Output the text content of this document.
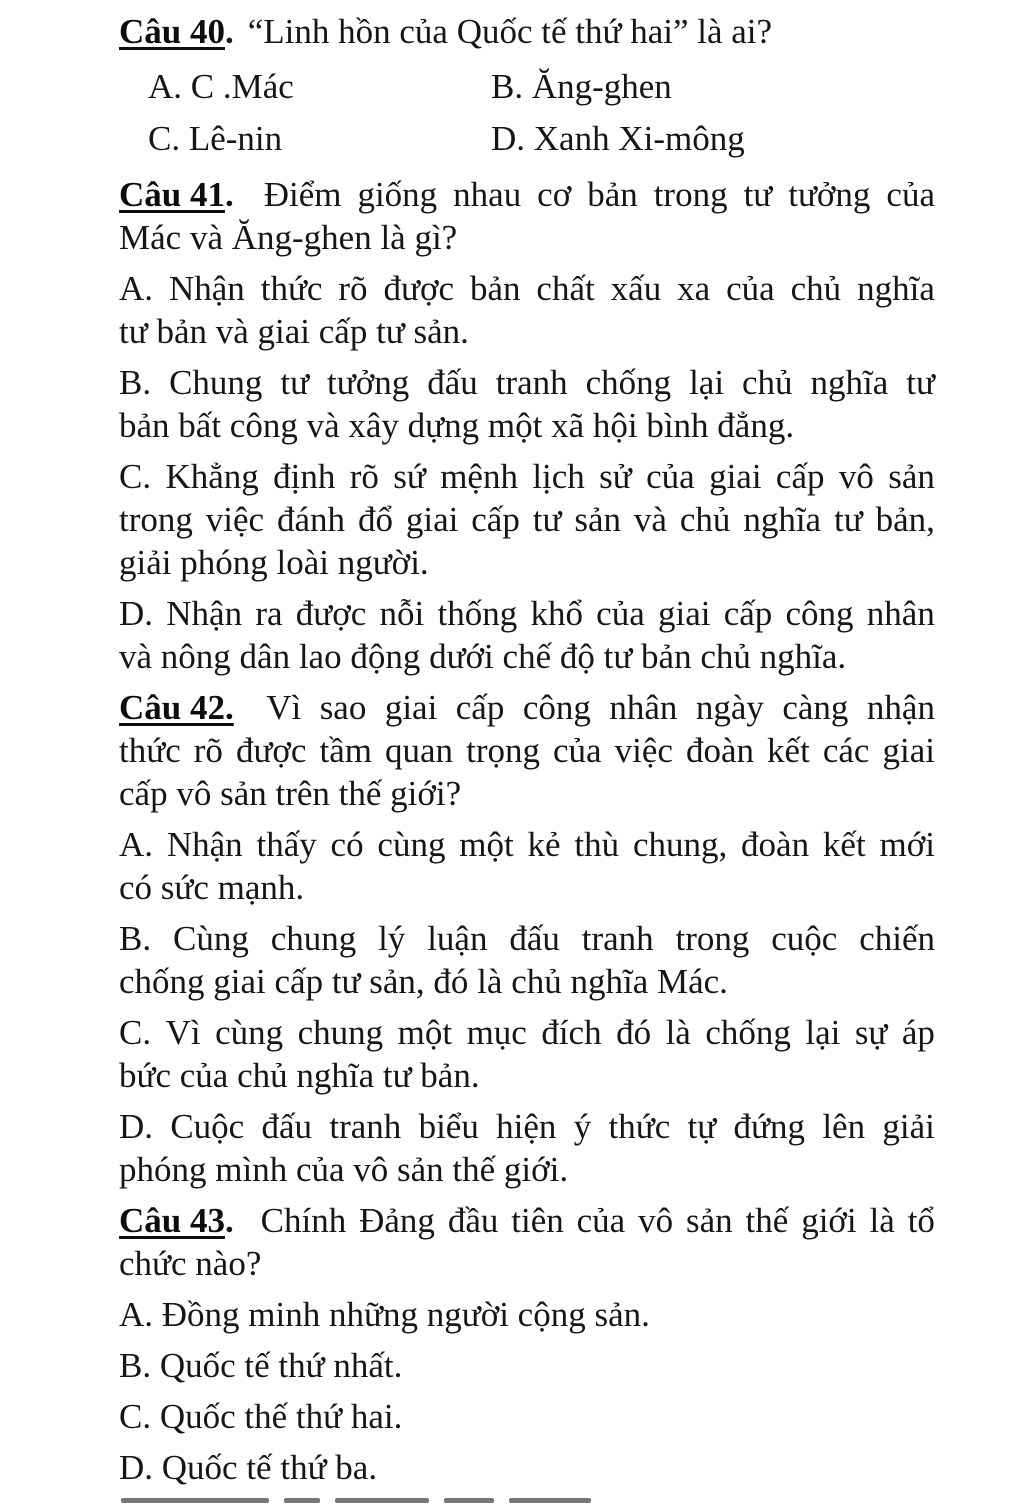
Câu 40. “Linh hồn của Quốc tế thứ hai” là ai?
A. C .Mác	B. Ăng-ghen
C. Lê-nin	D. Xanh Xi-mông
Câu 41. Điểm giống nhau cơ bản trong tư tưởng của
Mác và Ăng-ghen là gì?
A. Nhận thức rõ được bản chất xấu xa của chủ nghĩa
tư bản và giai cấp tư sản.
B. Chung tư tưởng đấu tranh chống lại chủ nghĩa tư
bản bất công và xây dựng một xã hội bình đẳng.
C. Khẳng định rõ sứ mệnh lịch sử của giai cấp vô sản
trong việc đánh đổ giai cấp tư sản và chủ nghĩa tư bản,
giải phóng loài người.
D. Nhận ra được nỗi thống khổ của giai cấp công nhân
và nông dân lao động dưới chế độ tư bản chủ nghĩa.
Câu 42. Vì sao giai cấp công nhân ngày càng nhận
thức rõ được tầm quan trọng của việc đoàn kết các giai
cấp vô sản trên thế giới?
A. Nhận thấy có cùng một kẻ thù chung, đoàn kết mới
có sức mạnh.
B. Cùng chung lý luận đấu tranh trong cuộc chiến
chống giai cấp tư sản, đó là chủ nghĩa Mác.
C. Vì cùng chung một mục đích đó là chống lại sự áp
bức của chủ nghĩa tư bản.
D. Cuộc đấu tranh biểu hiện ý thức tự đứng lên giải
phóng mình của vô sản thế giới.
Câu 43. Chính Đảng đầu tiên của vô sản thế giới là tổ
chức nào?
A. Đồng minh những người cộng sản.
B. Quốc tế thứ nhất.
C. Quốc thế thứ hai.
D. Quốc tế thứ ba.
